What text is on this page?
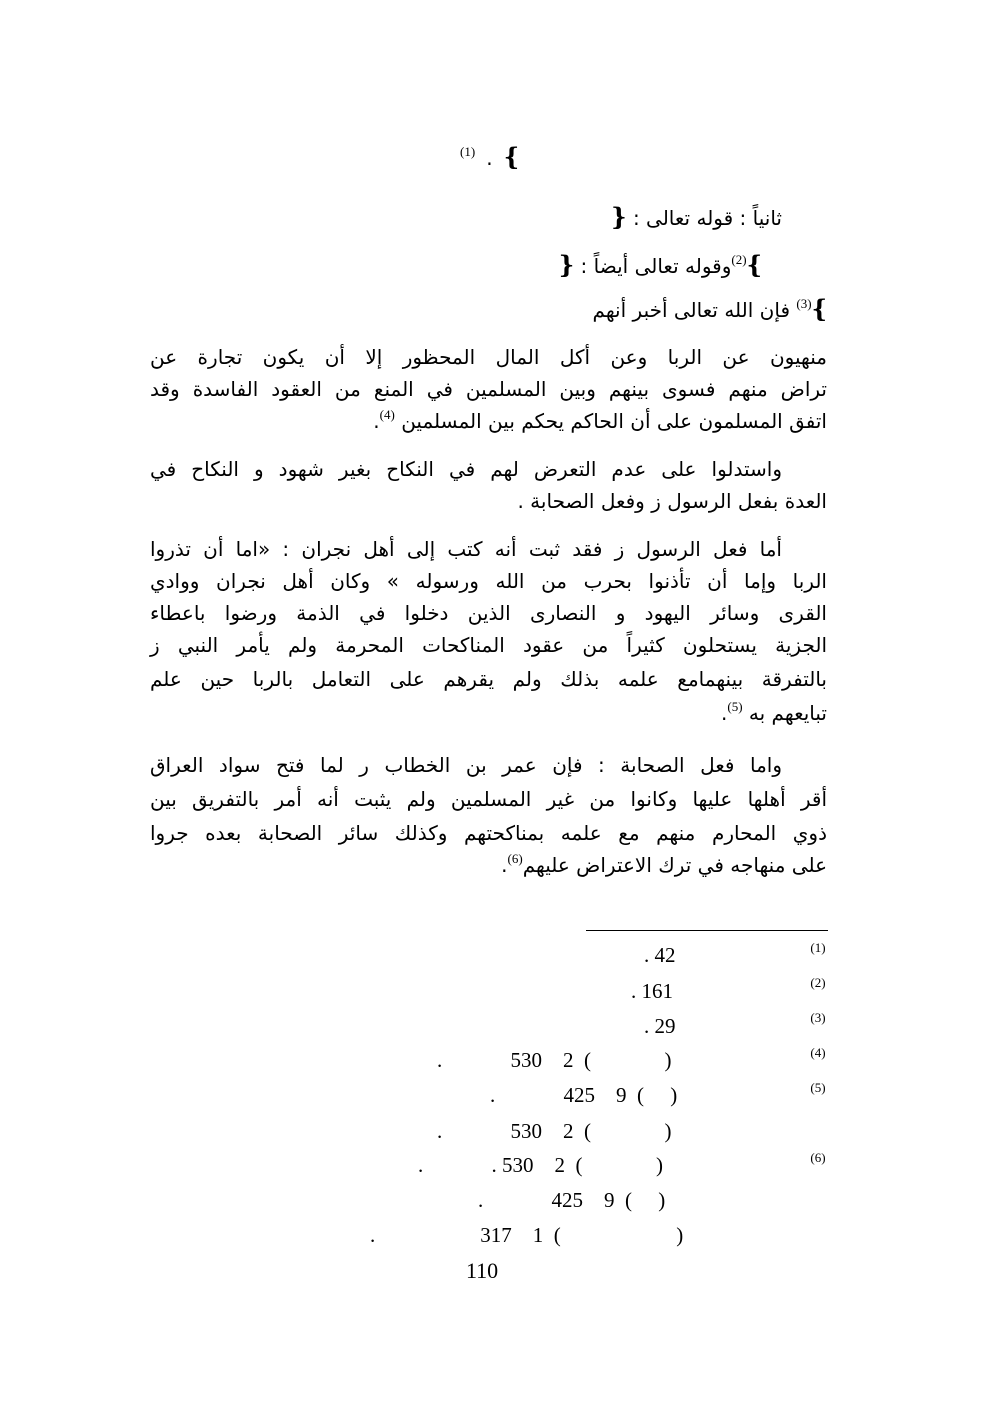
$^{(1)}$ . {
ثانياً : قوله تعالى : {
}$^{(2)}$وقوله تعالى أيضاً : {
}$^{(3)}$ فإن الله تعالى أخبر أنهم
منهيون عن الربا وعن أكل المال المحظور إلا أن يكون تجارة عن
تراض منهم فسوى بينهم وبين المسلمين في المنع من العقود الفاسدة وقد
اتفق المسلمون على أن الحاكم يحكم بين المسلمين $^{(4)}$.
واستدلوا على عدم التعرض لهم في النكاح بغير شهود و النكاح في
العدة بفعل الرسول ز وفعل الصحابة .
أما فعل الرسول ز فقد ثبت أنه كتب إلى أهل نجران : «اما أن تذروا
الربا وإما أن تأذنوا بحرب من الله ورسوله » وكان أهل نجران ووادي
القرى وسائر اليهود و النصارى الذين دخلوا في الذمة ورضوا باعطاء
الجزية يستحلون كثيراً من عقود المناكحات المحرمة ولم يأمر النبي ز
بالتفرقة بينهمامع علمه بذلك ولم يقرهم على التعامل بالربا حين علم
تبايعهم به $^{(5)}$.
واما فعل الصحابة : فإن عمر بن الخطاب ر لما فتح سواد العراق
أقر أهلها عليها وكانوا من غير المسلمين ولم يثبت أنه أمر بالتفريق بين
ذوي المحارم منهم مع علمه بمناكحتهم وكذلك سائر الصحابة بعده جروا
على منهاجه في ترك الاعتراض عليهم$^{(6)}$.
(1)
. 42
(2)
. 161
(3)
. 29
(4)
.             530    2  (              )
(5)
.             425    9  (     )
.             530    2  (              )
(6)
.             . 530    2  (              )
.             425    9  (     )
.                    317    1  (                      )
110
